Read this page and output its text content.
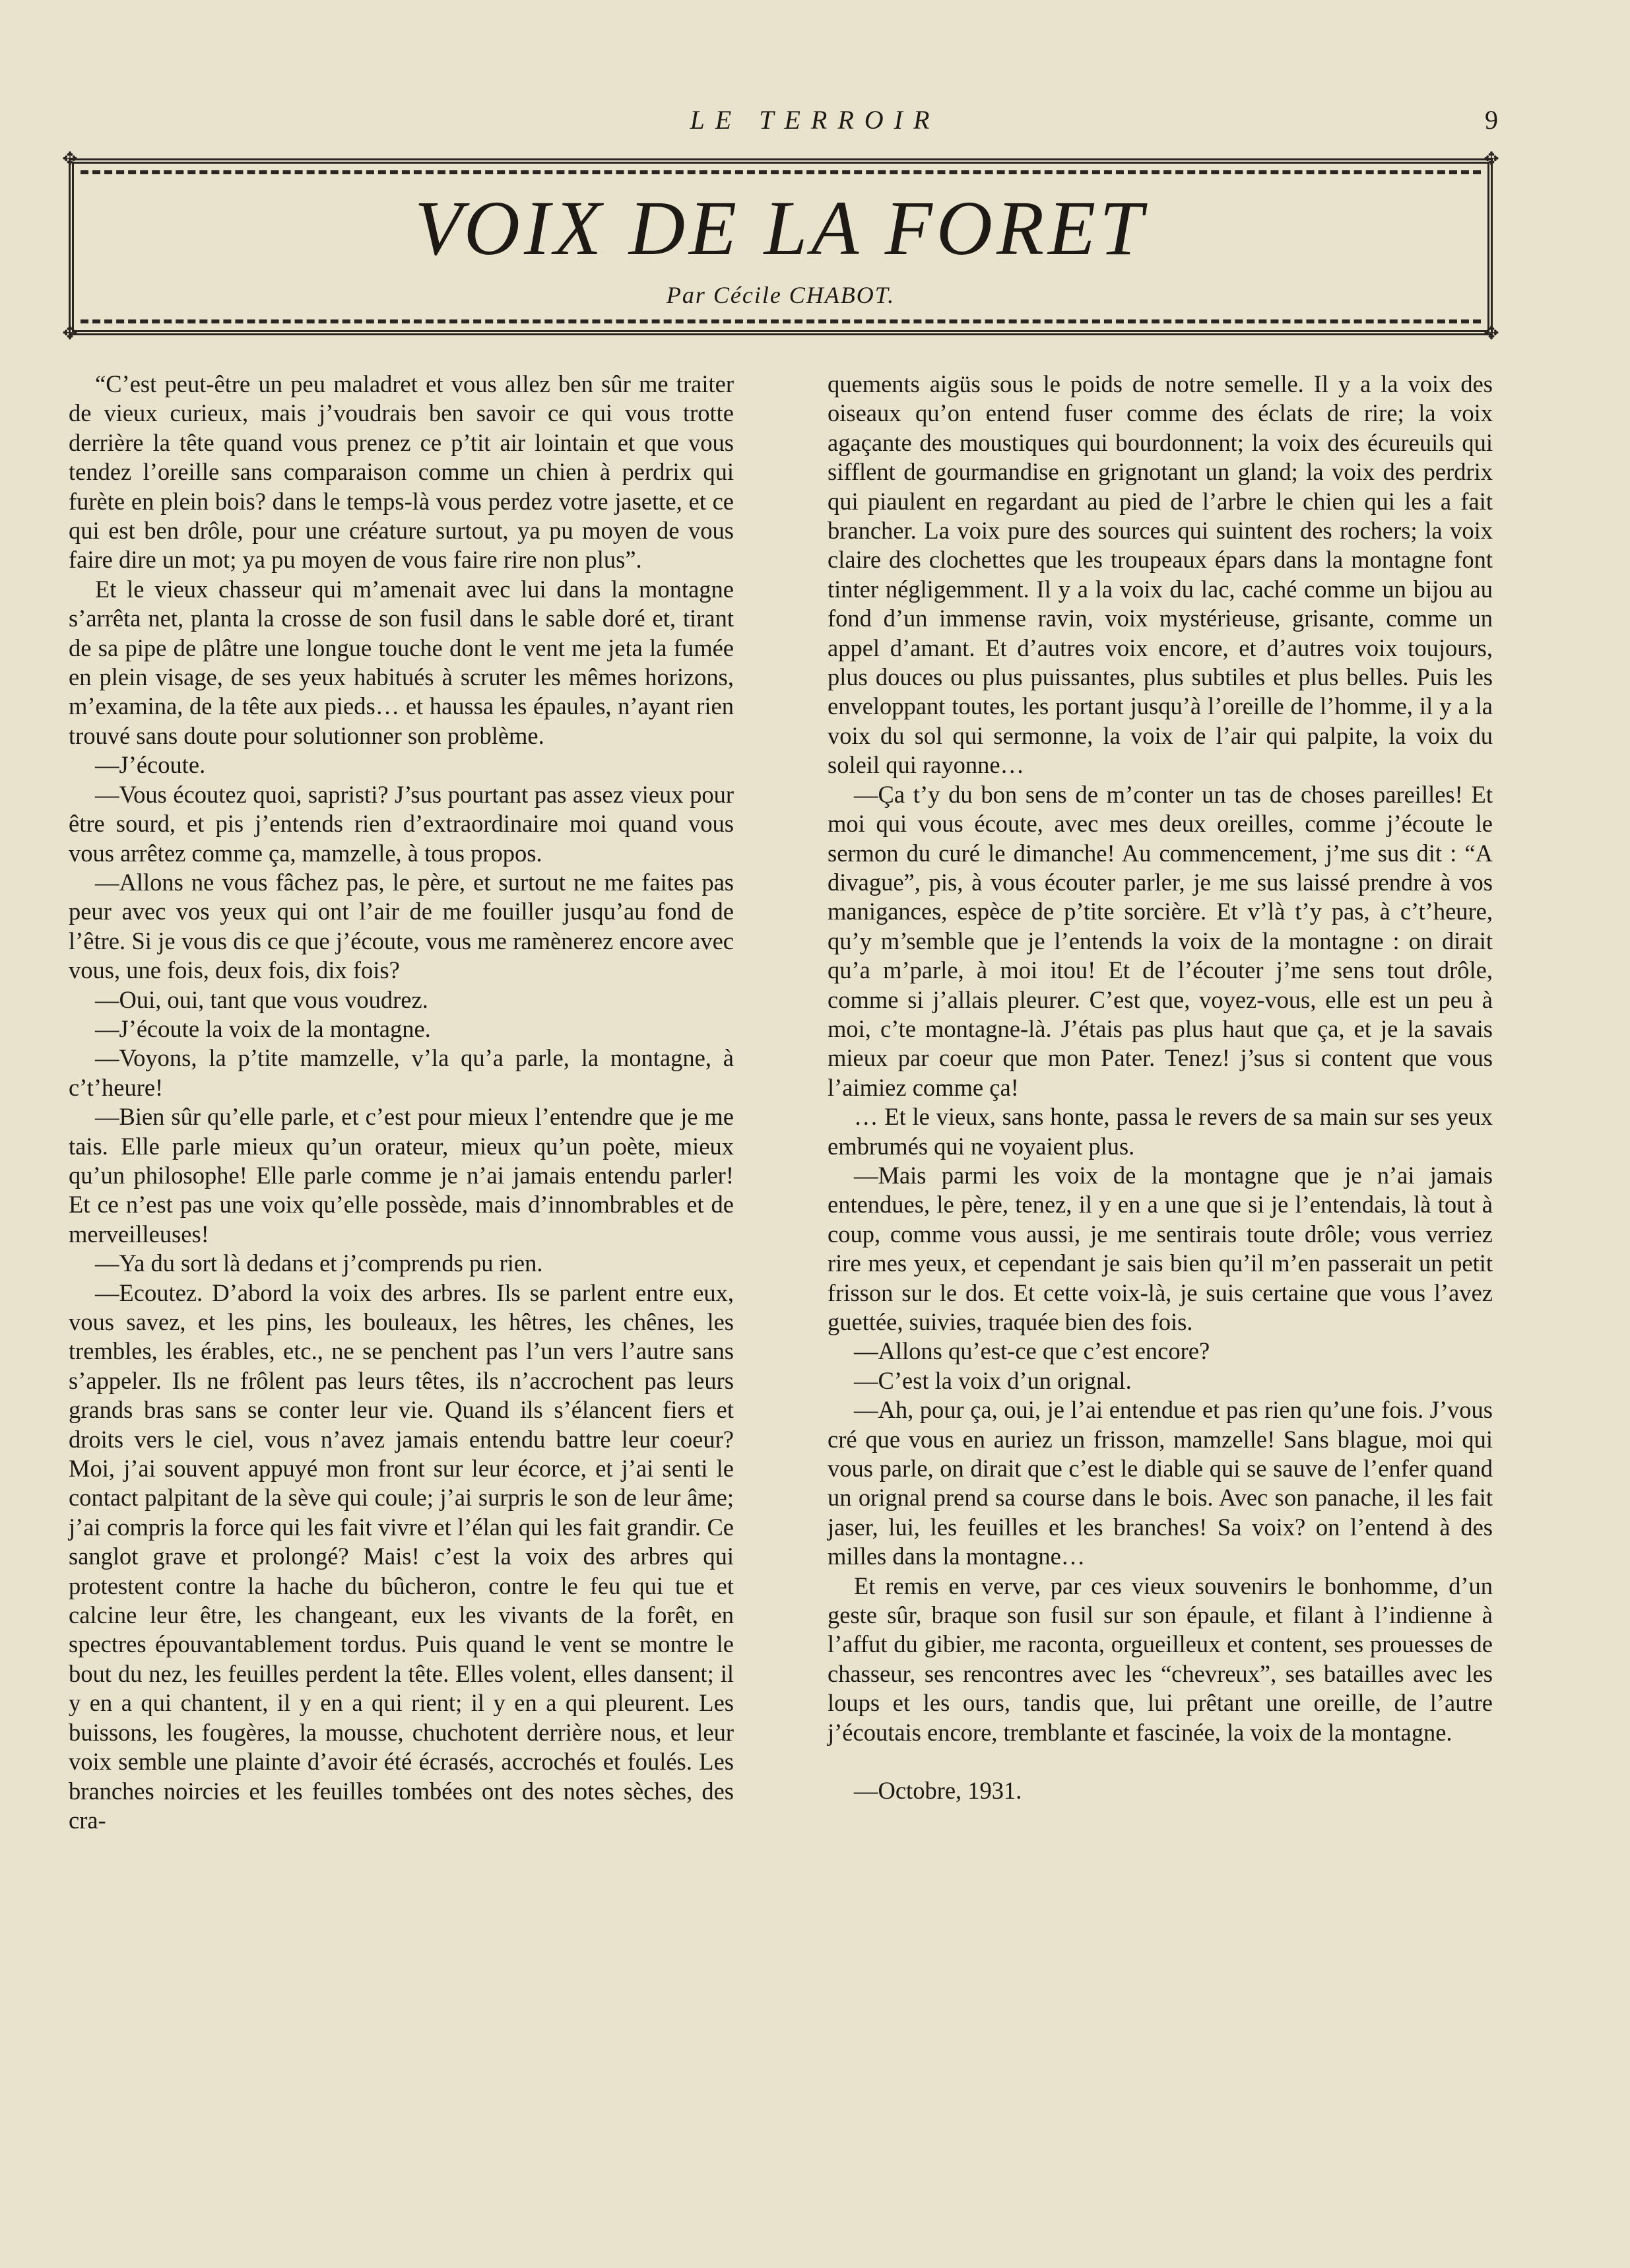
LE TERROIR	9
✥	✥
✥	✥
VOIX DE LA FORET
Par Cécile CHABOT.

“C’est peut-être un peu maladret et vous allez ben sûr me traiter de vieux curieux, mais j’voudrais ben savoir ce qui vous trotte derrière la tête quand vous prenez ce p’tit air lointain et que vous tendez l’oreille sans comparaison comme un chien à perdrix qui furète en plein bois? dans le temps-là vous perdez votre jasette, et ce qui est ben drôle, pour une créature surtout, ya pu moyen de vous faire dire un mot; ya pu moyen de vous faire rire non plus”.

Et le vieux chasseur qui m’amenait avec lui dans la montagne s’arrêta net, planta la crosse de son fusil dans le sable doré et, tirant de sa pipe de plâtre une longue touche dont le vent me jeta la fumée en plein visage, de ses yeux habitués à scruter les mêmes horizons, m’examina, de la tête aux pieds… et haussa les épaules, n’ayant rien trouvé sans doute pour solutionner son problème.

—J’écoute.

—Vous écoutez quoi, sapristi? J’sus pourtant pas assez vieux pour être sourd, et pis j’entends rien d’extraordinaire moi quand vous vous arrêtez comme ça, mamzelle, à tous propos.

—Allons ne vous fâchez pas, le père, et surtout ne me faites pas peur avec vos yeux qui ont l’air de me fouiller jusqu’au fond de l’être. Si je vous dis ce que j’écoute, vous me ramènerez encore avec vous, une fois, deux fois, dix fois?

—Oui, oui, tant que vous voudrez.

—J’écoute la voix de la montagne.

—Voyons, la p’tite mamzelle, v’la qu’a parle, la montagne, à c’t’heure!

—Bien sûr qu’elle parle, et c’est pour mieux l’entendre que je me tais. Elle parle mieux qu’un orateur, mieux qu’un poète, mieux qu’un philosophe! Elle parle comme je n’ai jamais entendu parler! Et ce n’est pas une voix qu’elle possède, mais d’innombrables et de merveilleuses!

—Ya du sort là dedans et j’comprends pu rien.

—Ecoutez. D’abord la voix des arbres. Ils se parlent entre eux, vous savez, et les pins, les bouleaux, les hêtres, les chênes, les trembles, les érables, etc., ne se penchent pas l’un vers l’autre sans s’appeler. Ils ne frôlent pas leurs têtes, ils n’accrochent pas leurs grands bras sans se conter leur vie. Quand ils s’élancent fiers et droits vers le ciel, vous n’avez jamais entendu battre leur coeur? Moi, j’ai souvent appuyé mon front sur leur écorce, et j’ai senti le contact palpitant de la sève qui coule; j’ai surpris le son de leur âme; j’ai compris la force qui les fait vivre et l’élan qui les fait grandir. Ce sanglot grave et prolongé? Mais! c’est la voix des arbres qui protestent contre la hache du bûcheron, contre le feu qui tue et calcine leur être, les changeant, eux les vivants de la forêt, en spectres épouvantablement tordus. Puis quand le vent se montre le bout du nez, les feuilles perdent la tête. Elles volent, elles dansent; il y en a qui chantent, il y en a qui rient; il y en a qui pleurent. Les buissons, les fougères, la mousse, chuchotent derrière nous, et leur voix semble une plainte d’avoir été écrasés, accrochés et foulés. Les branches noircies et les feuilles tombées ont des notes sèches, des cra-

quements aigüs sous le poids de notre semelle. Il y a la voix des oiseaux qu’on entend fuser comme des éclats de rire; la voix agaçante des moustiques qui bourdonnent; la voix des écureuils qui sifflent de gourmandise en grignotant un gland; la voix des perdrix qui piaulent en regardant au pied de l’arbre le chien qui les a fait brancher. La voix pure des sources qui suintent des rochers; la voix claire des clochettes que les troupeaux épars dans la montagne font tinter négligemment. Il y a la voix du lac, caché comme un bijou au fond d’un immense ravin, voix mystérieuse, grisante, comme un appel d’amant. Et d’autres voix encore, et d’autres voix toujours, plus douces ou plus puissantes, plus subtiles et plus belles. Puis les enveloppant toutes, les portant jusqu’à l’oreille de l’homme, il y a la voix du sol qui sermonne, la voix de l’air qui palpite, la voix du soleil qui rayonne…

—Ça t’y du bon sens de m’conter un tas de choses pareilles! Et moi qui vous écoute, avec mes deux oreilles, comme j’écoute le sermon du curé le dimanche! Au commencement, j’me sus dit : “A divague”, pis, à vous écouter parler, je me sus laissé prendre à vos manigances, espèce de p’tite sorcière. Et v’là t’y pas, à c’t’heure, qu’y m’semble que je l’entends la voix de la montagne : on dirait qu’a m’parle, à moi itou! Et de l’écouter j’me sens tout drôle, comme si j’allais pleurer. C’est que, voyez-vous, elle est un peu à moi, c’te montagne-là. J’étais pas plus haut que ça, et je la savais mieux par coeur que mon Pater. Tenez! j’sus si content que vous l’aimiez comme ça!

… Et le vieux, sans honte, passa le revers de sa main sur ses yeux embrumés qui ne voyaient plus.

—Mais parmi les voix de la montagne que je n’ai jamais entendues, le père, tenez, il y en a une que si je l’entendais, là tout à coup, comme vous aussi, je me sentirais toute drôle; vous verriez rire mes yeux, et cependant je sais bien qu’il m’en passerait un petit frisson sur le dos. Et cette voix-là, je suis certaine que vous l’avez guettée, suivies, traquée bien des fois.

—Allons qu’est-ce que c’est encore?

—C’est la voix d’un orignal.

—Ah, pour ça, oui, je l’ai entendue et pas rien qu’une fois. J’vous cré que vous en auriez un frisson, mamzelle! Sans blague, moi qui vous parle, on dirait que c’est le diable qui se sauve de l’enfer quand un orignal prend sa course dans le bois. Avec son panache, il les fait jaser, lui, les feuilles et les branches! Sa voix? on l’entend à des milles dans la montagne…

Et remis en verve, par ces vieux souvenirs le bonhomme, d’un geste sûr, braque son fusil sur son épaule, et filant à l’indienne à l’affut du gibier, me raconta, orgueilleux et content, ses prouesses de chasseur, ses rencontres avec les “chevreux”, ses batailles avec les loups et les ours, tandis que, lui prêtant une oreille, de l’autre j’écoutais encore, tremblante et fascinée, la voix de la montagne.

—Octobre, 1931.
